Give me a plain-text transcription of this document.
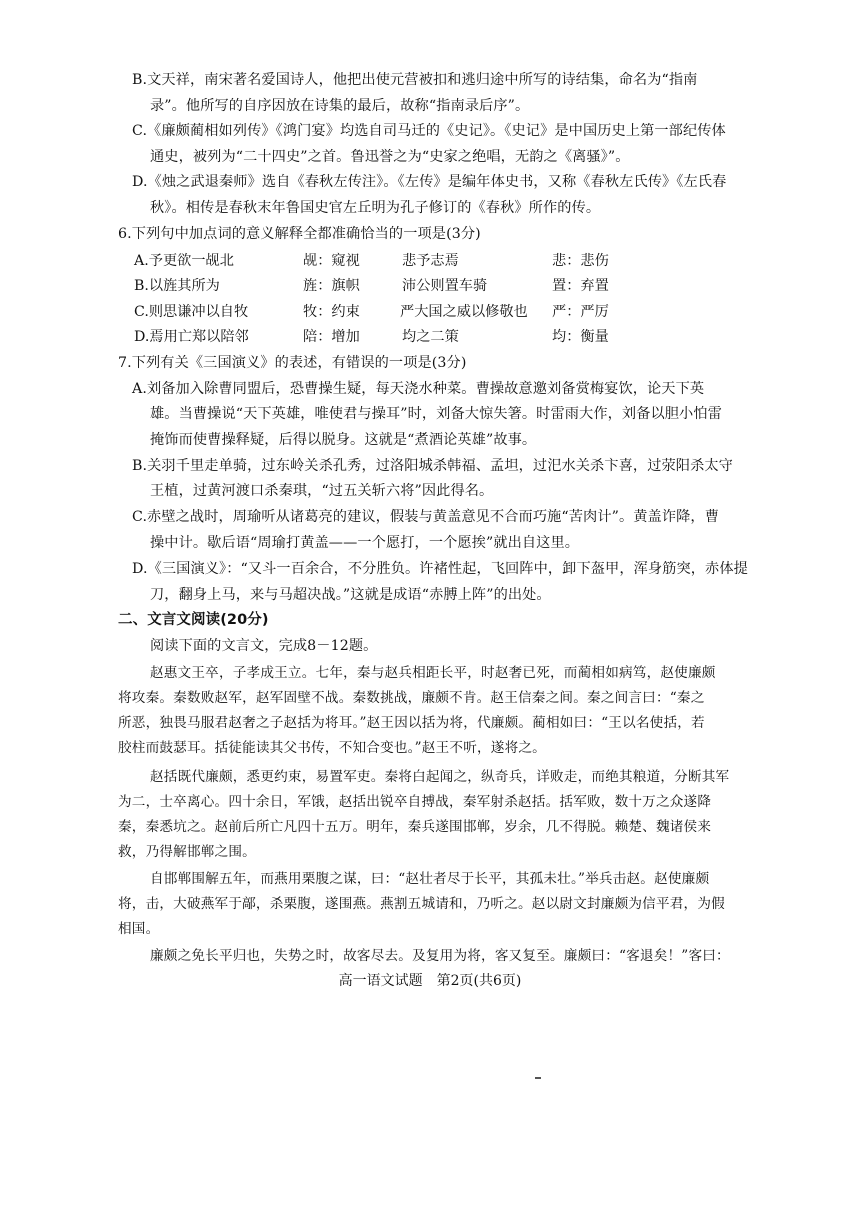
B.文天祥，南宋著名爱国诗人，他把出使元营被扣和逃归途中所写的诗结集，命名为“指南
录”。他所写的自序因放在诗集的最后，故称“指南录后序”。
C.《廉颇蔺相如列传》《鸿门宴》均选自司马迁的《史记》。《史记》是中国历史上第一部纪传体
通史，被列为“二十四史”之首。鲁迅誉之为“史家之绝唱，无韵之《离骚》”。
D.《烛之武退秦师》选自《春秋左传注》。《左传》是编年体史书，又称《春秋左氏传》《左氏春
秋》。相传是春秋末年鲁国史官左丘明为孔子修订的《春秋》所作的传。
6.下列句中加点词的意义解释全都准确恰当的一项是(3分)
A.予更欲一觇北	觇：窥视	悲予志焉	悲：悲伤
B.以旌其所为	旌：旗帜	沛公则置车骑	置：弃置
C.则思谦冲以自牧	牧：约束	严大国之威以修敬也 严：严厉
D.焉用亡郑以陪邻	陪：增加	均之二策	均：衡量
7.下列有关《三国演义》的表述，有错误的一项是(3分)
A.刘备加入除曹同盟后，恐曹操生疑，每天浇水种菜。曹操故意邀刘备赏梅宴饮，论天下英
雄。当曹操说“天下英雄，唯使君与操耳”时，刘备大惊失箸。时雷雨大作，刘备以胆小怕雷
掩饰而使曹操释疑，后得以脱身。这就是“煮酒论英雄”故事。
B.关羽千里走单骑，过东岭关杀孔秀，过洛阳城杀韩福、孟坦，过汜水关杀卞喜，过荥阳杀太守
王植，过黄河渡口杀秦琪，“过五关斩六将”因此得名。
C.赤壁之战时，周瑜听从诸葛亮的建议，假装与黄盖意见不合而巧施“苦肉计”。黄盖诈降，曹
操中计。歇后语“周瑜打黄盖——一个愿打，一个愿挨”就出自这里。
D.《三国演义》：“又斗一百余合，不分胜负。许褚性起，飞回阵中，卸下盔甲，浑身筋突，赤体提
刀，翻身上马，来与马超决战。”这就是成语“赤膊上阵”的出处。
二、文言文阅读(20分)
阅读下面的文言文，完成8－12题。
赵惠文王卒，子孝成王立。七年，秦与赵兵相距长平，时赵奢已死，而蔺相如病笃，赵使廉颇
将攻秦。秦数败赵军，赵军固壁不战。秦数挑战，廉颇不肯。赵王信秦之间。秦之间言曰：“秦之
所恶，独畏马服君赵奢之子赵括为将耳。”赵王因以括为将，代廉颇。蔺相如曰：“王以名使括，若
胶柱而鼓瑟耳。括徒能读其父书传，不知合变也。”赵王不听，遂将之。
赵括既代廉颇，悉更约束，易置军吏。秦将白起闻之，纵奇兵，详败走，而绝其粮道，分断其军
为二，士卒离心。四十余日，军饿，赵括出锐卒自搏战，秦军射杀赵括。括军败，数十万之众遂降
秦，秦悉坑之。赵前后所亡凡四十五万。明年，秦兵遂围邯郸，岁余，几不得脱。赖楚、魏诸侯来
救，乃得解邯郸之围。
自邯郸围解五年，而燕用栗腹之谋，曰：“赵壮者尽于长平，其孤未壮。”举兵击赵。赵使廉颇
将，击，大破燕军于鄗，杀栗腹，遂围燕。燕割五城请和，乃听之。赵以尉文封廉颇为信平君，为假
相国。
廉颇之免长平归也，失势之时，故客尽去。及复用为将，客又复至。廉颇曰：“客退矣！”客曰：
高一语文试题　第2页(共6页)
